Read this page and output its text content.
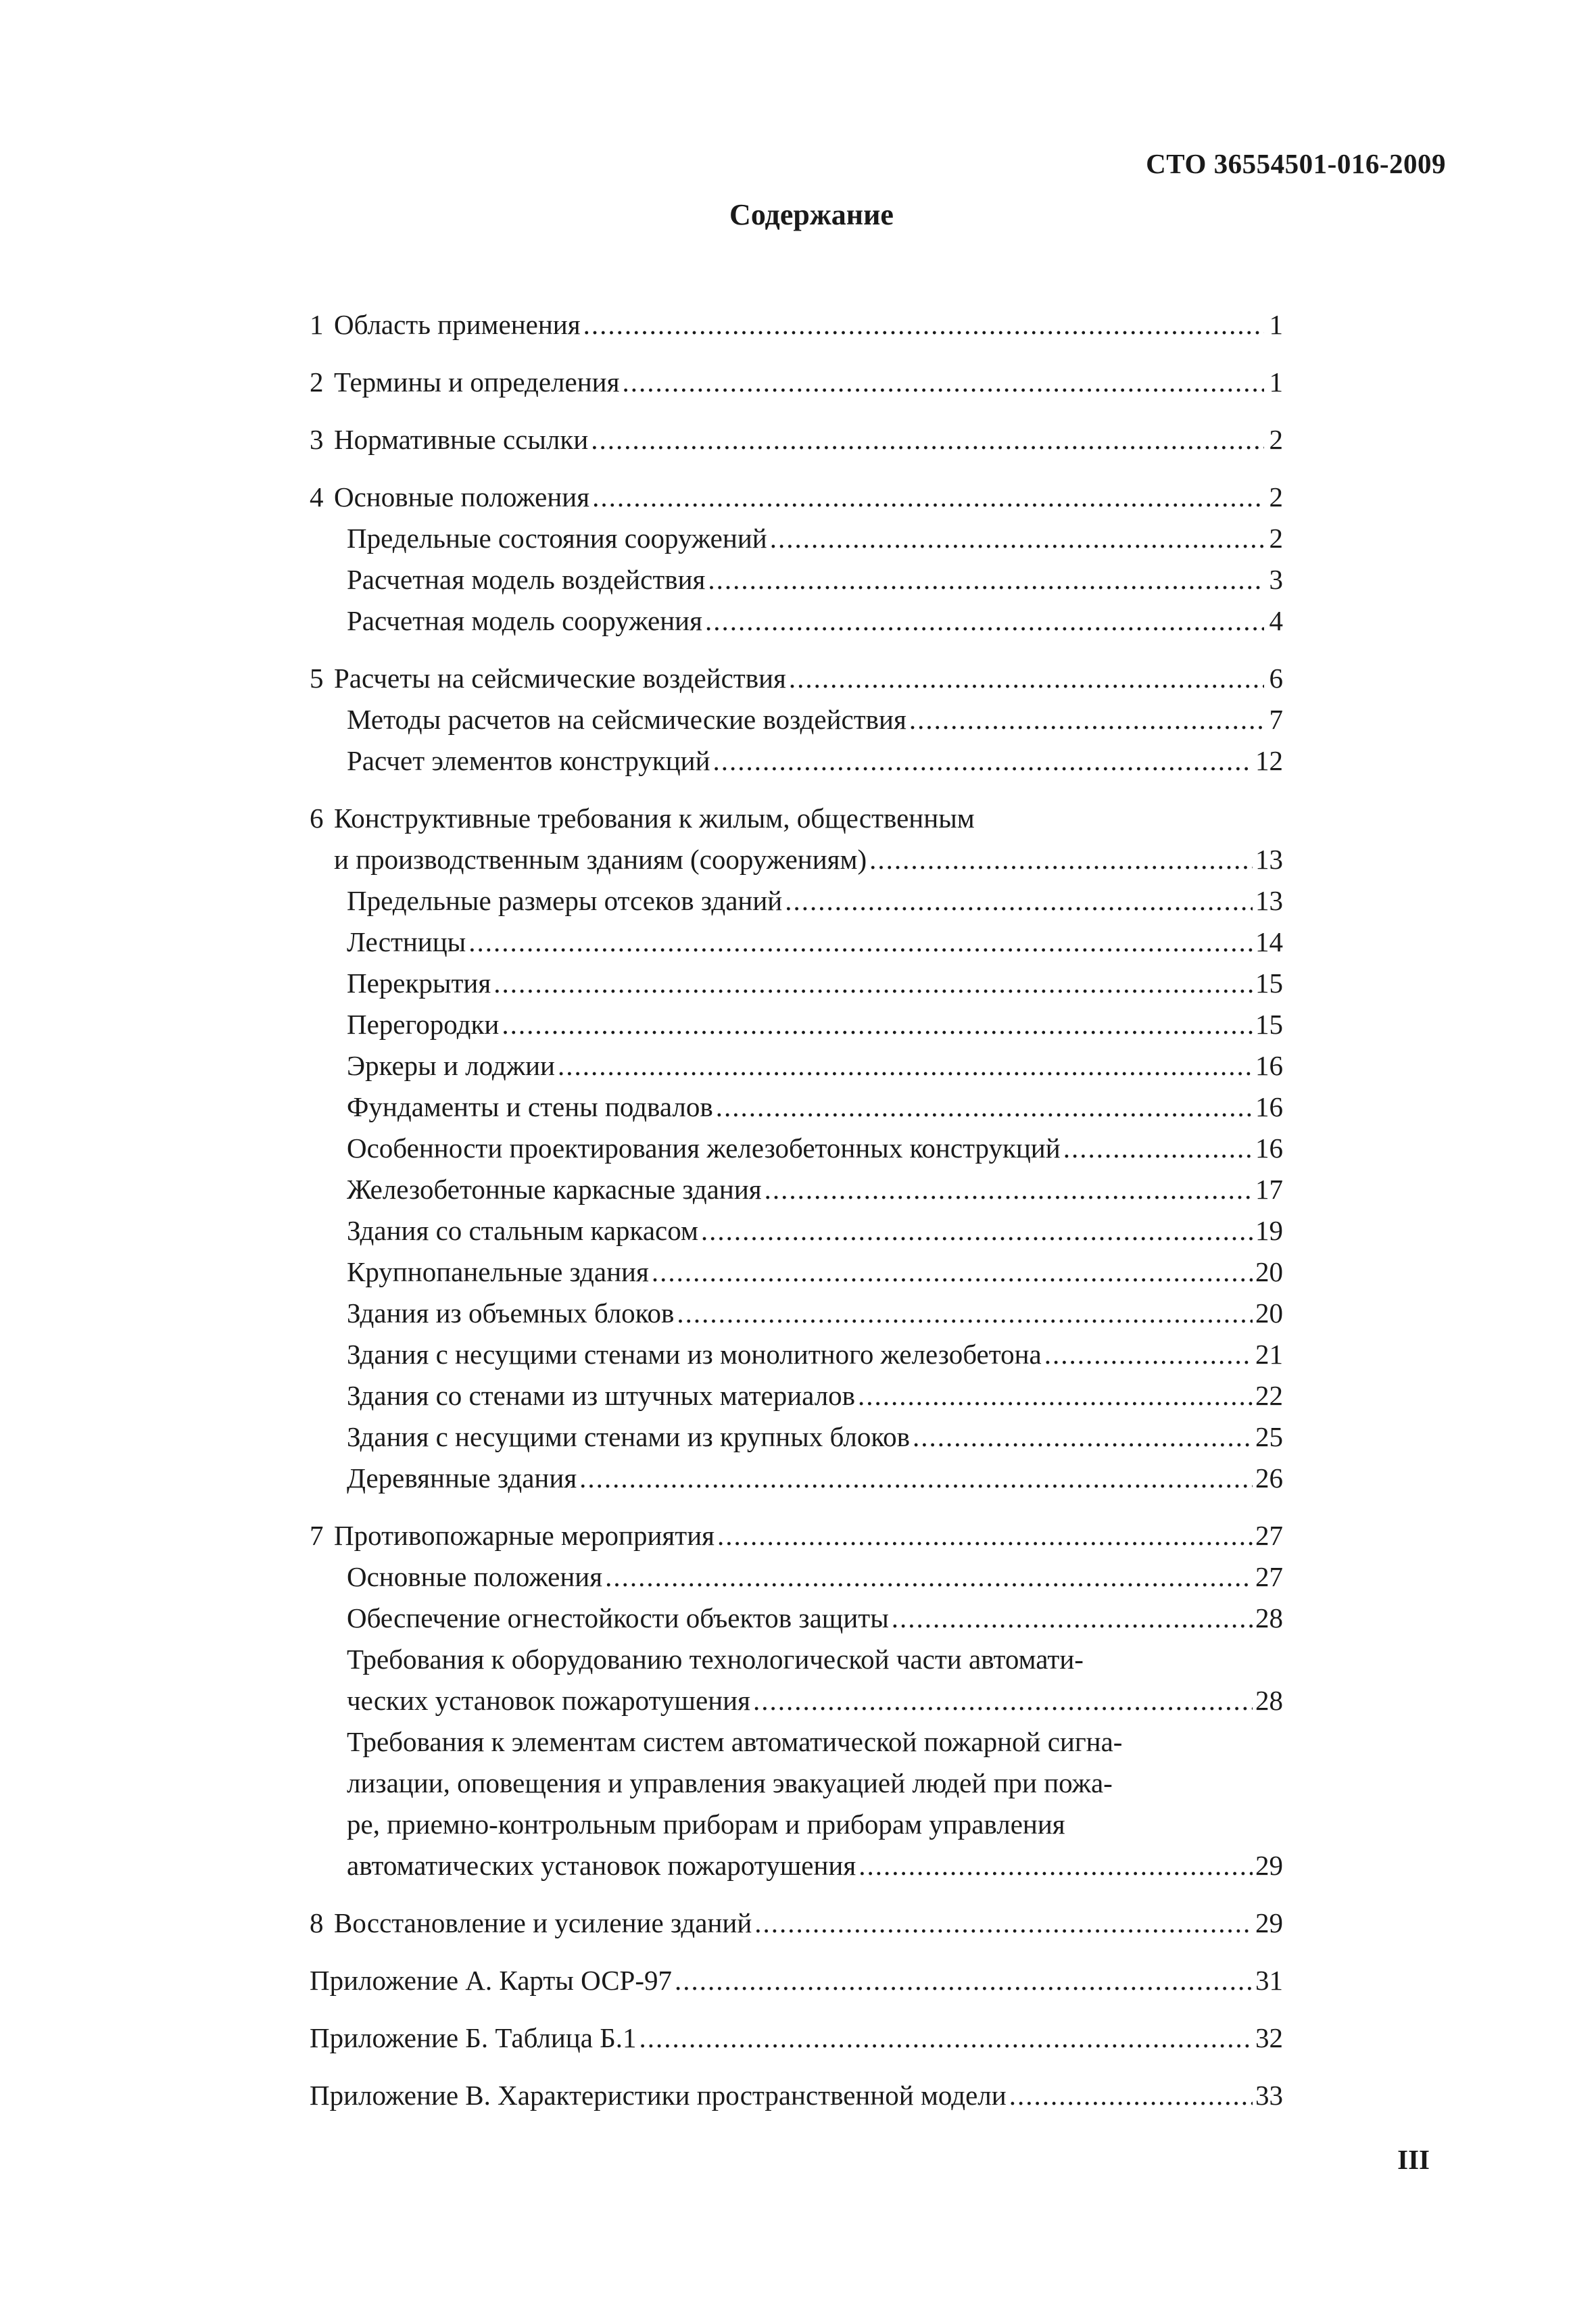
СТО 36554501-016-2009
Содержание
1 Область применения .....	1
2 Термины и определения .....	1
3 Нормативные ссылки .....	2
4 Основные положения .....	2
Предельные состояния сооружений .....	2
Расчетная модель воздействия .....	3
Расчетная модель сооружения .....	4
5 Расчеты на сейсмические воздействия .....	6
Методы расчетов на сейсмические воздействия .....	7
Расчет элементов конструкций .....	12
6 Конструктивные требования к жилым, общественным
и производственным зданиям (сооружениям) .....	13
Предельные размеры отсеков зданий .....	13
Лестницы .....	14
Перекрытия .....	15
Перегородки .....	15
Эркеры и лоджии .....	16
Фундаменты и стены подвалов .....	16
Особенности проектирования железобетонных конструкций .....	16
Железобетонные каркасные здания .....	17
Здания со стальным каркасом .....	19
Крупнопанельные здания .....	20
Здания из объемных блоков .....	20
Здания с несущими стенами из монолитного железобетона .....	21
Здания со стенами из штучных материалов .....	22
Здания с несущими стенами из крупных блоков .....	25
Деревянные здания .....	26
7 Противопожарные мероприятия .....	27
Основные положения .....	27
Обеспечение огнестойкости объектов защиты .....	28
Требования к оборудованию технологической части автомати-
ческих установок пожаротушения .....	28
Требования к элементам систем автоматической пожарной сигна-
лизации, оповещения и управления эвакуацией людей при пожа-
ре, приемно-контрольным приборам и приборам управления
автоматических установок пожаротушения .....	29
8 Восстановление и усиление зданий .....	29
Приложение А. Карты ОСР-97 .....	31
Приложение Б. Таблица Б.1 .....	32
Приложение В. Характеристики пространственной модели .....	33
III
